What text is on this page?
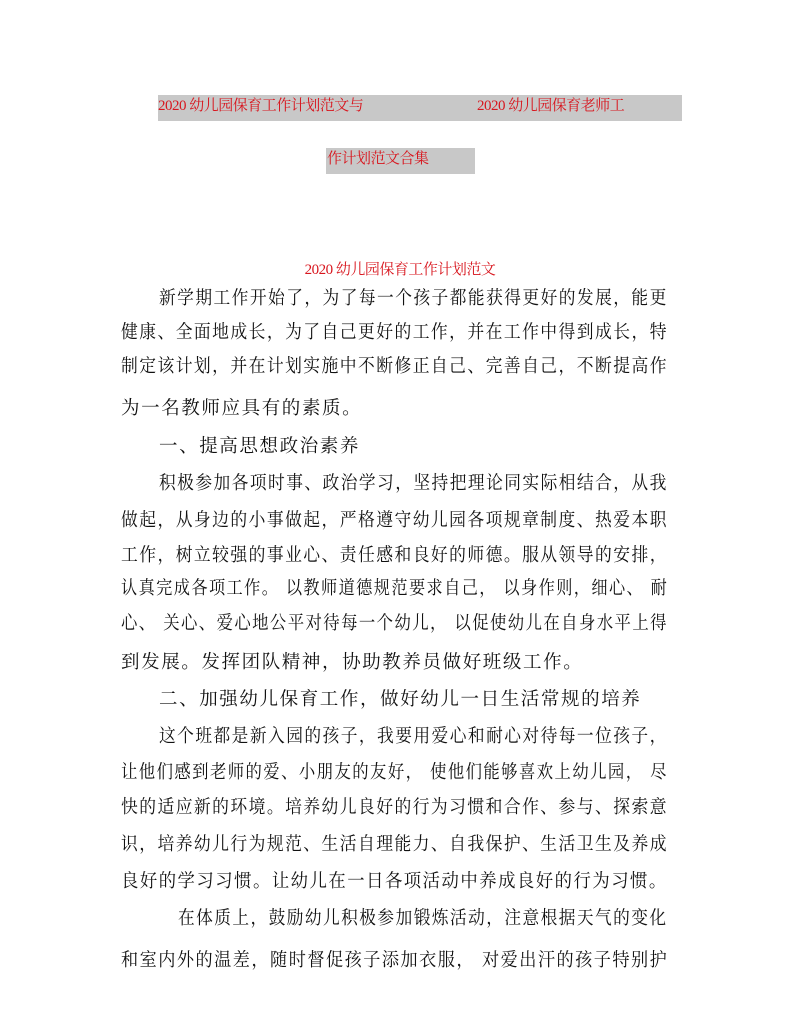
2020 幼儿园保育工作计划范文与	2020 幼儿园保育老师工
作计划范文合集
2020 幼儿园保育工作计划范文
新学期工作开始了，为了每一个孩子都能获得更好的发展，能更
健康、全面地成长，为了自己更好的工作，并在工作中得到成长，特
制定该计划，并在计划实施中不断修正自己、完善自己，不断提高作
为一名教师应具有的素质。
一、提高思想政治素养
积极参加各项时事、政治学习，坚持把理论同实际相结合，从我
做起，从身边的小事做起，严格遵守幼儿园各项规章制度、热爱本职
工作，树立较强的事业心、责任感和良好的师德。服从领导的安排，
认真完成各项工作。 以教师道德规范要求自己， 以身作则，细心、 耐
心、 关心、爱心地公平对待每一个幼儿， 以促使幼儿在自身水平上得
到发展。发挥团队精神，协助教养员做好班级工作。
二、加强幼儿保育工作，做好幼儿一日生活常规的培养
这个班都是新入园的孩子，我要用爱心和耐心对待每一位孩子，
让他们感到老师的爱、小朋友的友好， 使他们能够喜欢上幼儿园， 尽
快的适应新的环境。培养幼儿良好的行为习惯和合作、参与、探索意
识，培养幼儿行为规范、生活自理能力、自我保护、生活卫生及养成
良好的学习习惯。让幼儿在一日各项活动中养成良好的行为习惯。
在体质上，鼓励幼儿积极参加锻炼活动，注意根据天气的变化
和室内外的温差，随时督促孩子添加衣服， 对爱出汗的孩子特别护
